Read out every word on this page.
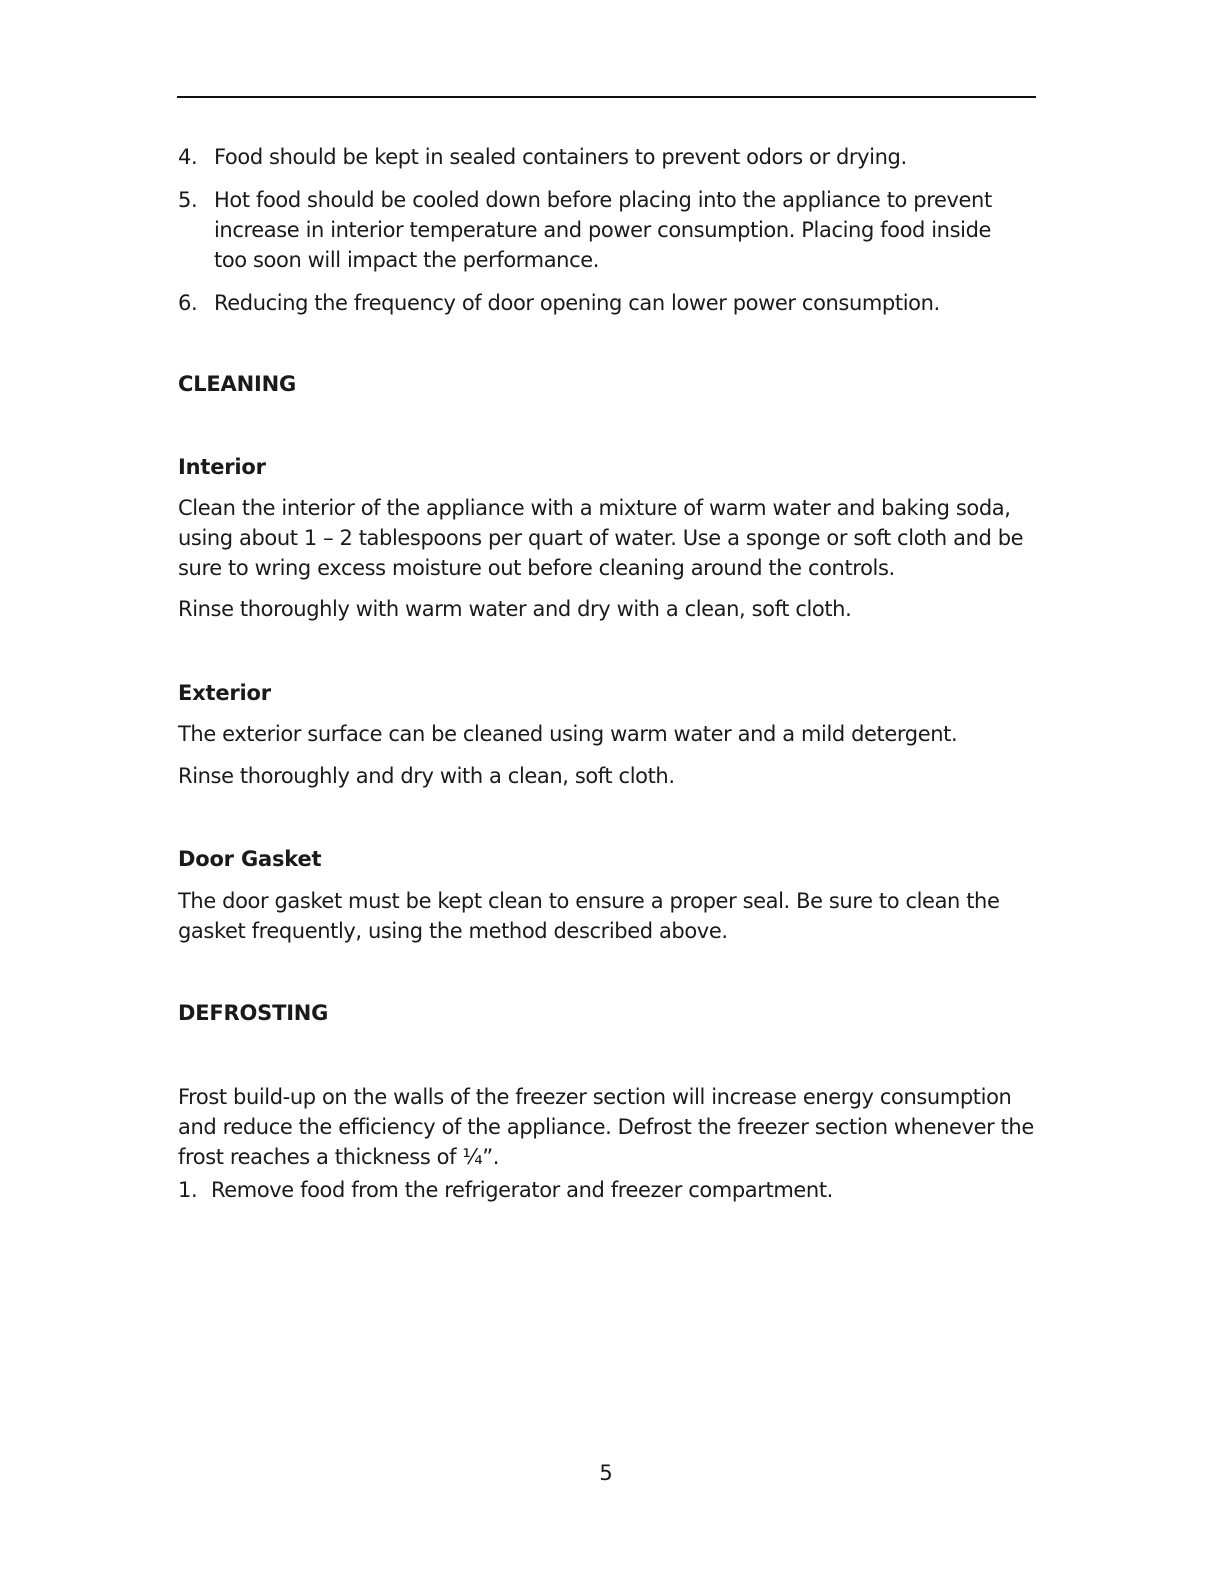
4. Food should be kept in sealed containers to prevent odors or drying.
5. Hot food should be cooled down before placing into the appliance to prevent increase in interior temperature and power consumption. Placing food inside too soon will impact the performance.
6. Reducing the frequency of door opening can lower power consumption.
CLEANING
Interior
Clean the interior of the appliance with a mixture of warm water and baking soda, using about 1 – 2 tablespoons per quart of water. Use a sponge or soft cloth and be sure to wring excess moisture out before cleaning around the controls.
Rinse thoroughly with warm water and dry with a clean, soft cloth.
Exterior
The exterior surface can be cleaned using warm water and a mild detergent.
Rinse thoroughly and dry with a clean, soft cloth.
Door Gasket
The door gasket must be kept clean to ensure a proper seal. Be sure to clean the gasket frequently, using the method described above.
DEFROSTING
Frost build-up on the walls of the freezer section will increase energy consumption and reduce the efficiency of the appliance. Defrost the freezer section whenever the frost reaches a thickness of ¼”.
1. Remove food from the refrigerator and freezer compartment.
5
